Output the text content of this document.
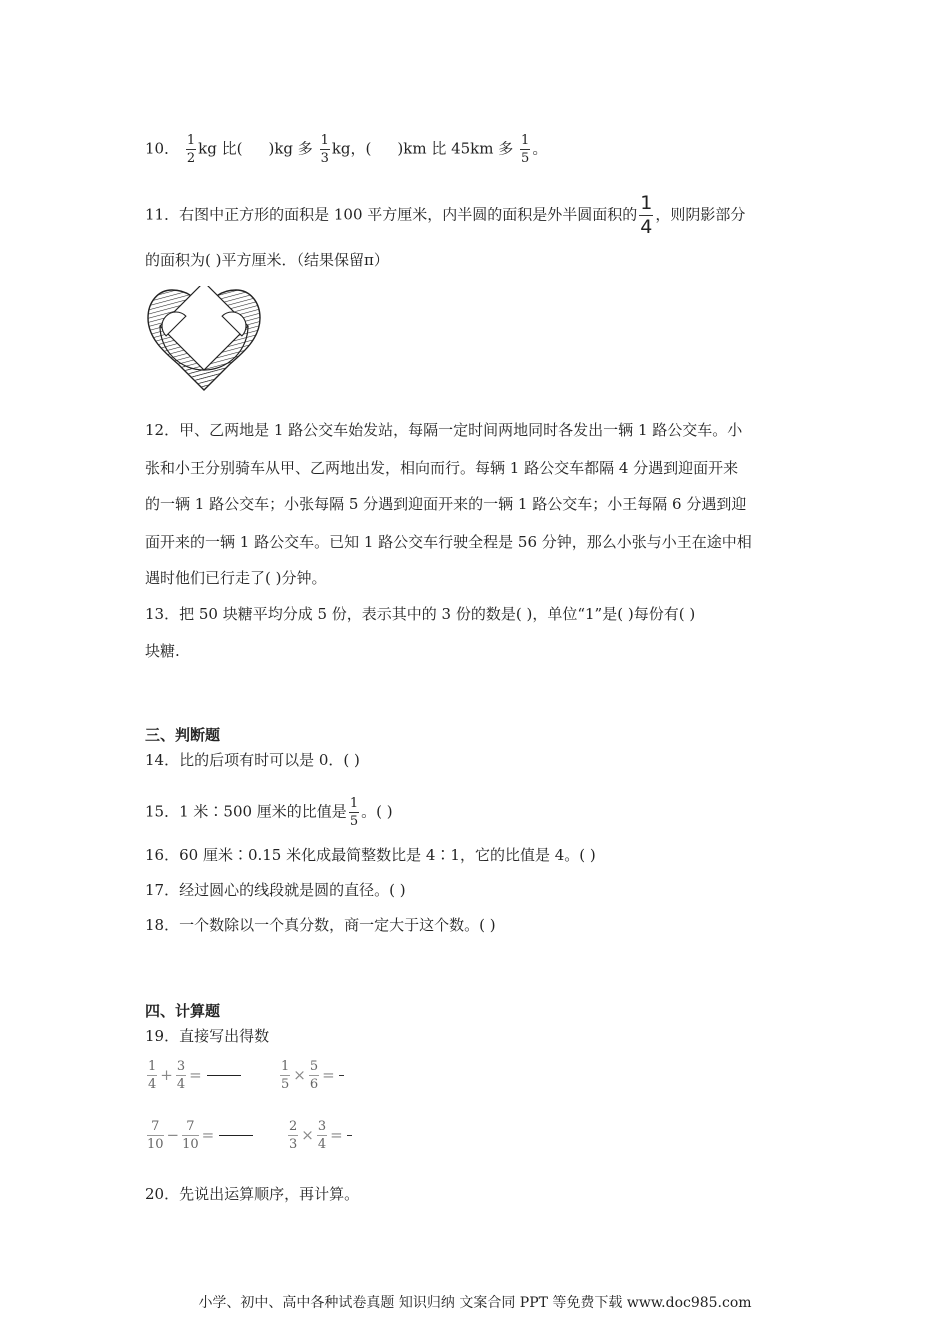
10． $\frac{1}{2}$ kg 比( )kg 多 $\frac{1}{3}$ kg，( )km 比 45km 多 $\frac{1}{5}$ 。
11．右图中正方形的面积是 100 平方厘米，内半圆的面积是外半圆面积的 $\frac{1}{4}$ ，则阴影部分
的面积为( )平方厘米．（结果保留π）
12．甲、乙两地是 1 路公交车始发站，每隔一定时间两地同时各发出一辆 1 路公交车。小
张和小王分别骑车从甲、乙两地出发，相向而行。每辆 1 路公交车都隔 4 分遇到迎面开来
的一辆 1 路公交车；小张每隔 5 分遇到迎面开来的一辆 1 路公交车；小王每隔 6 分遇到迎
面开来的一辆 1 路公交车。已知 1 路公交车行驶全程是 56 分钟，那么小张与小王在途中相
遇时他们已行走了( )分钟。
13．把 50 块糖平均分成 5 份，表示其中的 3 份的数是( )，单位“1”是( )每份有( )
块糖.
三、判断题
14．比的后项有时可以是 0．( )
15．1 米∶500 厘米的比值是 $\frac{1}{5}$ 。( )
16．60 厘米∶0.15 米化成最简整数比是 4∶1，它的比值是 4。( )
17．经过圆心的线段就是圆的直径。( )
18．一个数除以一个真分数，商一定大于这个数。( )
四、计算题
19．直接写出得数
$\frac{1}{4} + \frac{3}{4}$ =	$\frac{1}{5} \times \frac{5}{6}$ =
$\frac{7}{10} - \frac{7}{10}$ =	$\frac{2}{3} \times \frac{3}{4}$ =
20．先说出运算顺序，再计算。
小学、初中、高中各种试卷真题 知识归纳 文案合同 PPT 等免费下载 www.doc985.com
